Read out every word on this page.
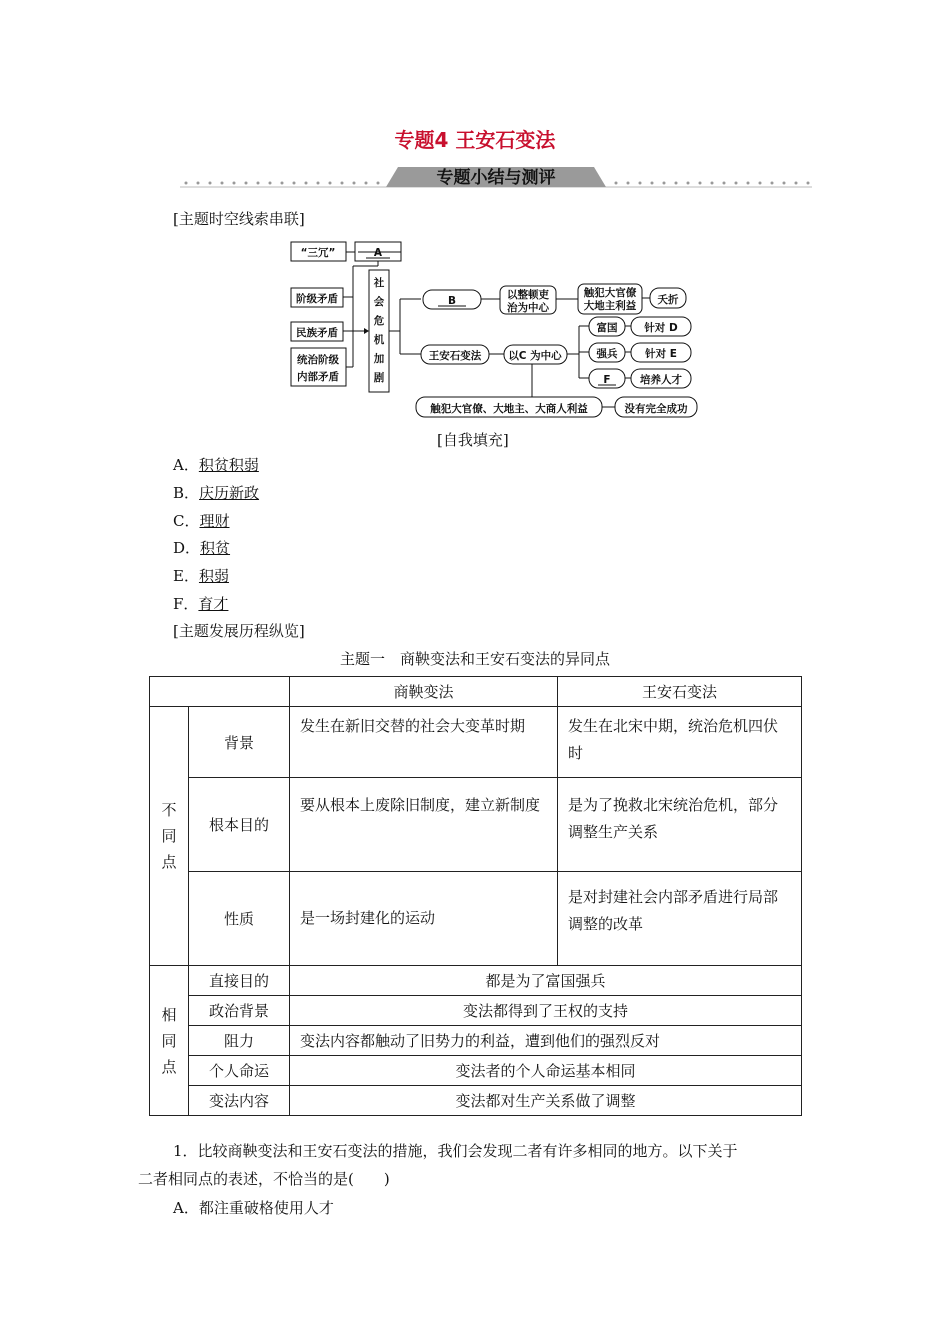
专题4 王安石变法
专题小结与测评
[主题时空线索串联]
“三冗”	A
阶级矛盾
民族矛盾
统治阶级
内部矛盾
社
会
危
机
加
剧
B	以整顿吏
治为中心
触犯大官僚
大地主利益 夭折
王安石变法	以C 为中心
富国	针对 D
强兵	针对 E
F	培养人才
触犯大官僚、大地主、大商人利益	没有完全成功
[自我填充]
A．积贫积弱
B．庆历新政
C．理财
D．积贫
E．积弱
F．育才
[主题发展历程纵览]
主题一　商鞅变法和王安石变法的异同点
		商鞅变法	王安石变法

不
同
点	背景	发生在新旧交替的社会大变革时期	发生在北宋中期，统治危机四伏时
	根本目的	要从根本上废除旧制度，建立新制度	是为了挽救北宋统治危机，部分调整生产关系
	性质	是一场封建化的运动	是对封建社会内部矛盾进行局部调整的改革

相
同
点	直接目的	都是为了富国强兵	
	政治背景	变法都得到了王权的支持	
	阻力	变法内容都触动了旧势力的利益，遭到他们的强烈反对	
	个人命运	变法者的个人命运基本相同	
	变法内容	变法都对生产关系做了调整	
1．比较商鞅变法和王安石变法的措施，我们会发现二者有许多相同的地方。以下关于
二者相同点的表述，不恰当的是(　　)
A．都注重破格使用人才
